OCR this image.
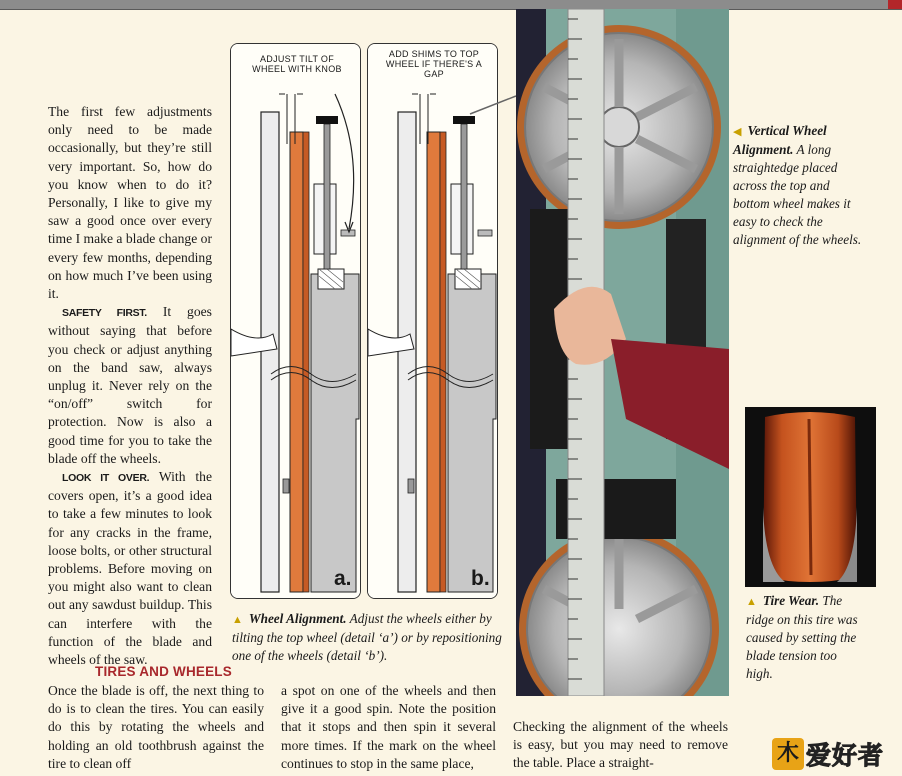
The first few adjustments only need to be made occasionally, but they’re still very important. So, how do you know when to do it? Personally, I like to give my saw a good once over every time I make a blade change or every few months, depending on how much I’ve been using it.

SAFETY FIRST. It goes without saying that before you check or adjust anything on the band saw, always unplug it. Never rely on the “on/off” switch for protection. Now is also a good time for you to take the blade off the wheels.

LOOK IT OVER. With the covers open, it’s a good idea to take a few minutes to look for any cracks in the frame, loose bolts, or other structural problems. Before moving on you might also want to clean out any sawdust buildup. This can interfere with the function of the blade and wheels of the saw.

TIRES AND WHEELS
Once the blade is off, the next thing to do is to clean the tires. You can easily do this by rotating the wheels and holding an old toothbrush against the tire to clean off
a spot on one of the wheels and then give it a good spin. Note the position that it stops and then spin it several more times. If the mark on the wheel continues to stop in the same place,
Checking the alignment of the wheels is easy, but you may need to remove the table. Place a straight-
ADJUST TILT OF WHEEL WITH KNOB
a.
ADD SHIMS TO TOP WHEEL IF THERE'S A GAP
b.
▲ Wheel Alignment. Adjust the wheels either by tilting the top wheel (detail ‘a’) or by repositioning one of the wheels (detail ‘b’).
◀ Vertical Wheel Alignment. A long straightedge placed across the top and bottom wheel makes it easy to check the alignment of the wheels.
▲ Tire Wear. The ridge on this tire was caused by setting the blade tension too high.
木 爱好者
